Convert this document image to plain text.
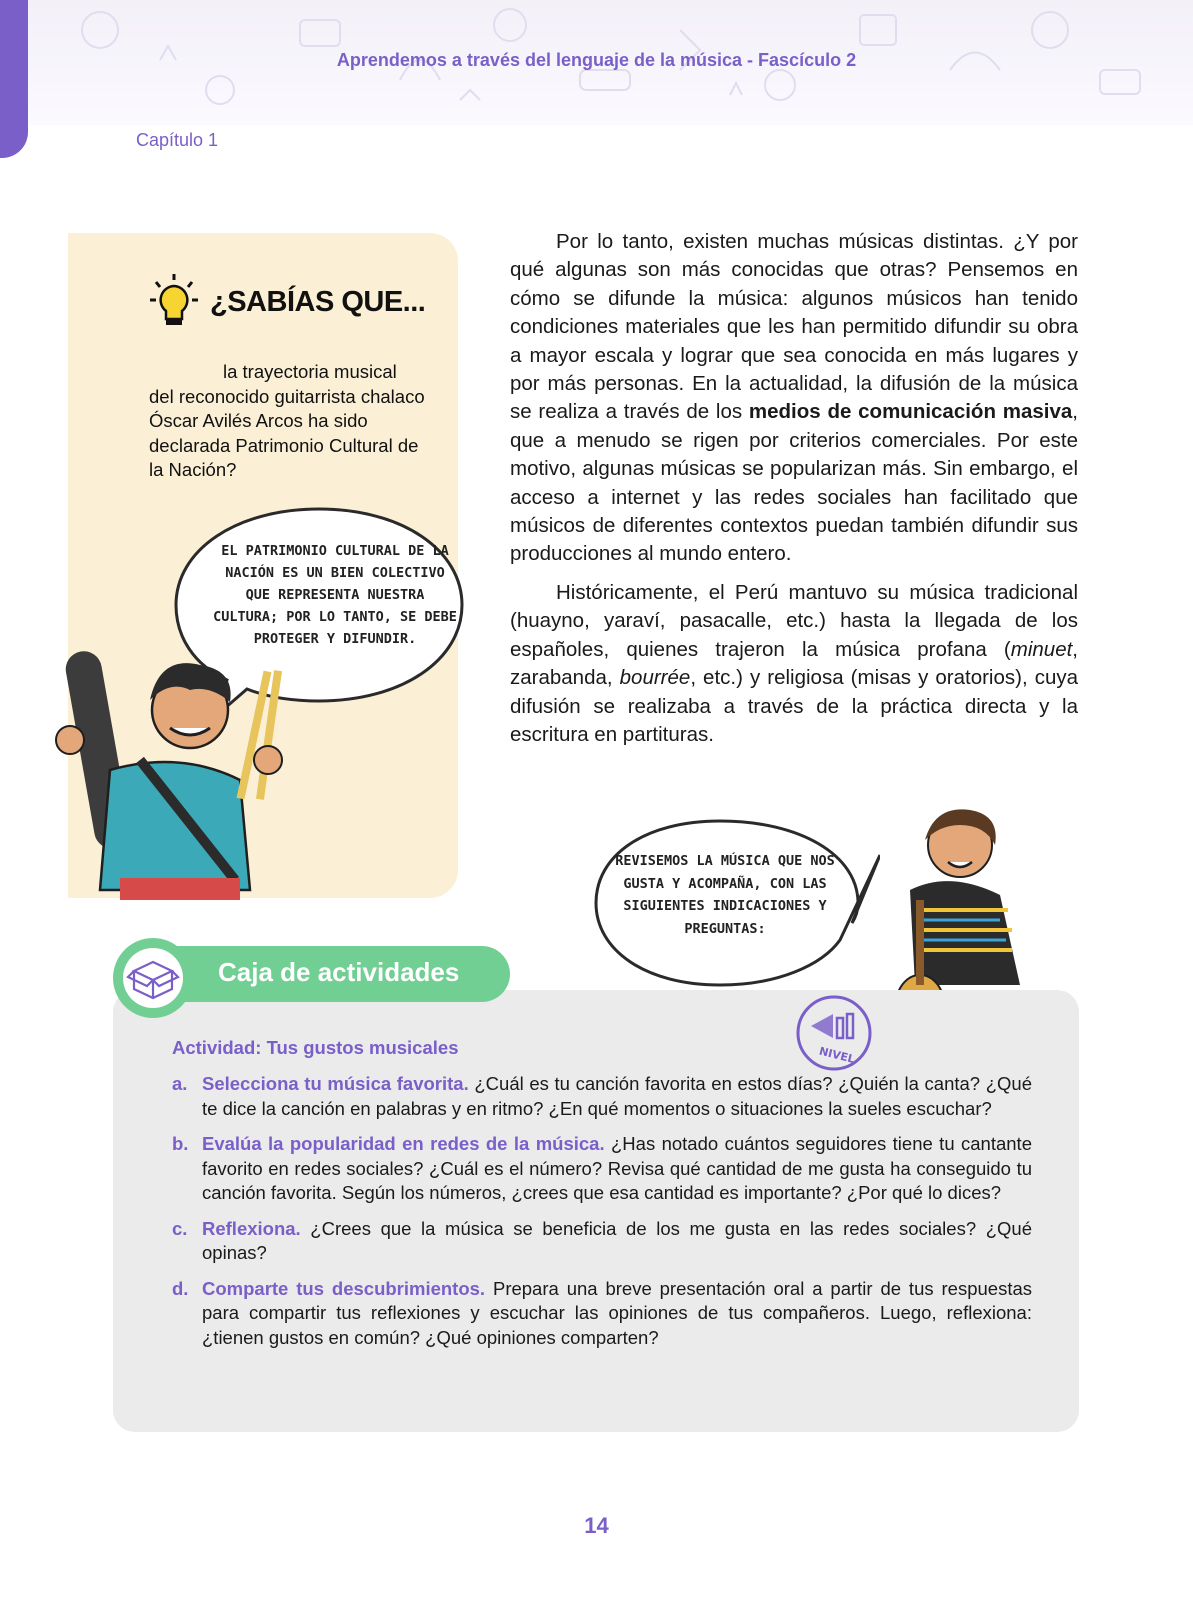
Aprendemos a través del lenguaje de la música - Fascículo 2
Capítulo 1
¿SABÍAS QUE...
la trayectoria musical
del reconocido guitarrista chalaco Óscar Avilés Arcos ha sido declarada Patrimonio Cultural de la Nación?
EL PATRIMONIO CULTURAL DE LA NACIÓN ES UN BIEN COLECTIVO QUE REPRESENTA NUESTRA CULTURA; POR LO TANTO, SE DEBE PROTEGER Y DIFUNDIR.

Por lo tanto, existen muchas músicas distintas. ¿Y por qué algunas son más conocidas que otras? Pensemos en cómo se difunde la música: algunos músicos han tenido condiciones materiales que les han permitido difundir su obra a mayor escala y lograr que sea conocida en más lugares y por más personas. En la actualidad, la difusión de la música se realiza a través de los medios de comunicación masiva, que a menudo se rigen por criterios comerciales. Por este motivo, algunas músicas se popularizan más. Sin embargo, el acceso a internet y las redes sociales han facilitado que músicos de diferentes contextos puedan también difundir sus producciones al mundo entero.

Históricamente, el Perú mantuvo su música tradicional (huayno, yaraví, pasacalle, etc.) hasta la llegada de los españoles, quienes trajeron la música profana (minuet, zarabanda, bourrée, etc.) y religiosa (misas y oratorios), cuya difusión se realizaba a través de la práctica directa y la escritura en partituras.

REVISEMOS LA MÚSICA QUE NOS GUSTA Y ACOMPAÑA, CON LAS SIGUIENTES INDICACIONES Y PREGUNTAS:
Caja de actividades
NIVEL
Actividad: Tus gustos musicales
a. Selecciona tu música favorita. ¿Cuál es tu canción favorita en estos días? ¿Quién la canta? ¿Qué te dice la canción en palabras y en ritmo? ¿En qué momentos o situaciones la sueles escuchar?
b. Evalúa la popularidad en redes de la música. ¿Has notado cuántos seguidores tiene tu cantante favorito en redes sociales? ¿Cuál es el número? Revisa qué cantidad de me gusta ha conseguido tu canción favorita. Según los números, ¿crees que esa cantidad es importante? ¿Por qué lo dices?
c. Reflexiona. ¿Crees que la música se beneficia de los me gusta en las redes sociales? ¿Qué opinas?
d. Comparte tus descubrimientos. Prepara una breve presentación oral a partir de tus respuestas para compartir tus reflexiones y escuchar las opiniones de tus compañeros. Luego, reflexiona: ¿tienen gustos en común? ¿Qué opiniones comparten?
14
